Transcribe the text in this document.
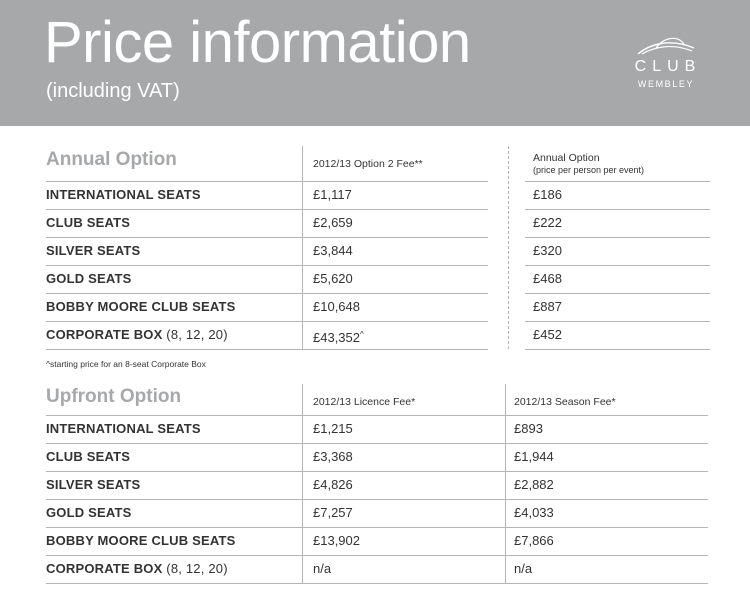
Price information
(including VAT)
CLUB
WEMBLEY
Annual Option	2012/13 Option 2 Fee**	Annual Option
(price per person per event)
INTERNATIONAL SEATS	£1,117	£186
CLUB SEATS	£2,659	£222
SILVER SEATS	£3,844	£320
GOLD SEATS	£5,620	£468
BOBBY MOORE CLUB SEATS	£10,648	£887
CORPORATE BOX (8, 12, 20)	£43,352^	£452
^starting price for an 8-seat Corporate Box
Upfront Option	2012/13 Licence Fee*	2012/13 Season Fee*
INTERNATIONAL SEATS	£1,215	£893
CLUB SEATS	£3,368	£1,944
SILVER SEATS	£4,826	£2,882
GOLD SEATS	£7,257	£4,033
BOBBY MOORE CLUB SEATS	£13,902	£7,866
CORPORATE BOX (8, 12, 20)	n/a	n/a
